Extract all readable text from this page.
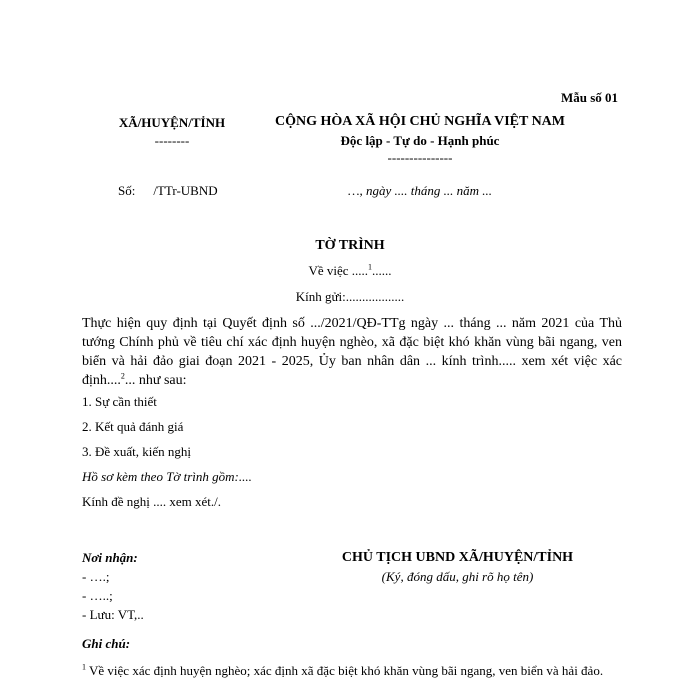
Mẫu số 01
XÃ/HUYỆN/TỈNH
--------
CỘNG HÒA XÃ HỘI CHỦ NGHĨA VIỆT NAM
Độc lập - Tự do - Hạnh phúc
---------------
Số: /TTr-UBND	…, ngày .... tháng ... năm ...
TỜ TRÌNH
Về việc .....$^1$......
Kính gửi:..................
Thực hiện quy định tại Quyết định số .../2021/QĐ-TTg ngày ... tháng ... năm 2021 của Thủ tướng Chính phủ về tiêu chí xác định huyện nghèo, xã đặc biệt khó khăn vùng bãi ngang, ven biển và hải đảo giai đoạn 2021 - 2025, Ủy ban nhân dân ... kính trình..... xem xét việc xác định....$^2$... như sau:
1. Sự cần thiết
2. Kết quả đánh giá
3. Đề xuất, kiến nghị
Hồ sơ kèm theo Tờ trình gồm:....
Kính đề nghị .... xem xét./.
Nơi nhận:
- ….;
- …..;
- Lưu: VT,..
CHỦ TỊCH UBND XÃ/HUYỆN/TỈNH
(Ký, đóng dấu, ghi rõ họ tên)
Ghi chú:
$^1$ Về việc xác định huyện nghèo; xác định xã đặc biệt khó khăn vùng bãi ngang, ven biển và hải đảo.
